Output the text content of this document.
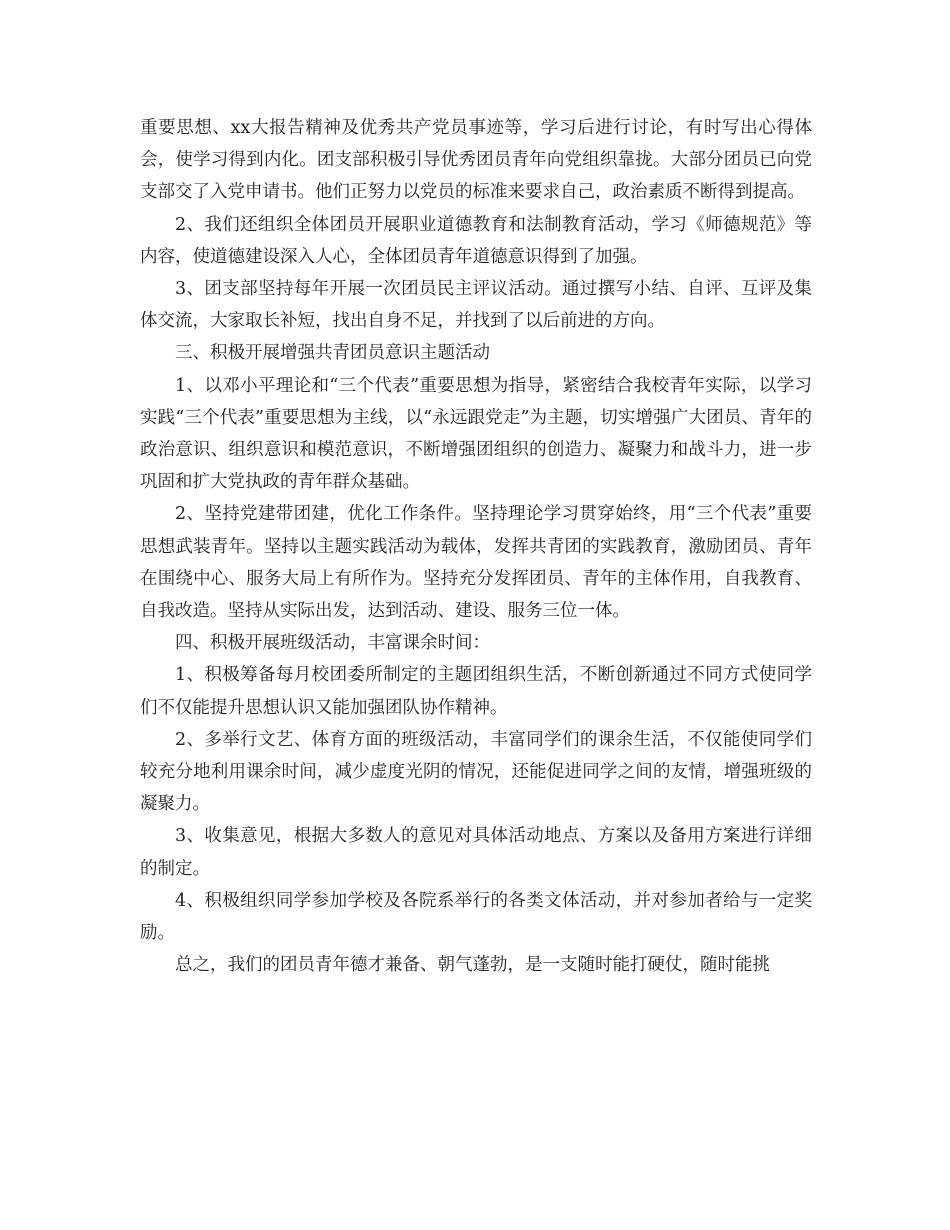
重要思想、xx大报告精神及优秀共产党员事迹等，学习后进行讨论，有时写出心得体会，使学习得到内化。团支部积极引导优秀团员青年向党组织靠拢。大部分团员已向党支部交了入党申请书。他们正努力以党员的标准来要求自己，政治素质不断得到提高。

2、我们还组织全体团员开展职业道德教育和法制教育活动，学习《师德规范》等内容，使道德建设深入人心，全体团员青年道德意识得到了加强。

3、团支部坚持每年开展一次团员民主评议活动。通过撰写小结、自评、互评及集体交流，大家取长补短，找出自身不足，并找到了以后前进的方向。

三、积极开展增强共青团员意识主题活动

1、以邓小平理论和“三个代表”重要思想为指导，紧密结合我校青年实际，以学习实践“三个代表”重要思想为主线，以“永远跟党走”为主题，切实增强广大团员、青年的政治意识、组织意识和模范意识，不断增强团组织的创造力、凝聚力和战斗力，进一步巩固和扩大党执政的青年群众基础。

2、坚持党建带团建，优化工作条件。坚持理论学习贯穿始终，用“三个代表”重要思想武装青年。坚持以主题实践活动为载体，发挥共青团的实践教育，激励团员、青年在围绕中心、服务大局上有所作为。坚持充分发挥团员、青年的主体作用，自我教育、自我改造。坚持从实际出发，达到活动、建设、服务三位一体。

四、积极开展班级活动，丰富课余时间：

1、积极筹备每月校团委所制定的主题团组织生活，不断创新通过不同方式使同学们不仅能提升思想认识又能加强团队协作精神。

2、多举行文艺、体育方面的班级活动，丰富同学们的课余生活，不仅能使同学们较充分地利用课余时间，减少虚度光阴的情况，还能促进同学之间的友情，增强班级的凝聚力。

3、收集意见，根据大多数人的意见对具体活动地点、方案以及备用方案进行详细的制定。

4、积极组织同学参加学校及各院系举行的各类文体活动，并对参加者给与一定奖励。

总之，我们的团员青年德才兼备、朝气蓬勃，是一支随时能打硬仗，随时能挑
